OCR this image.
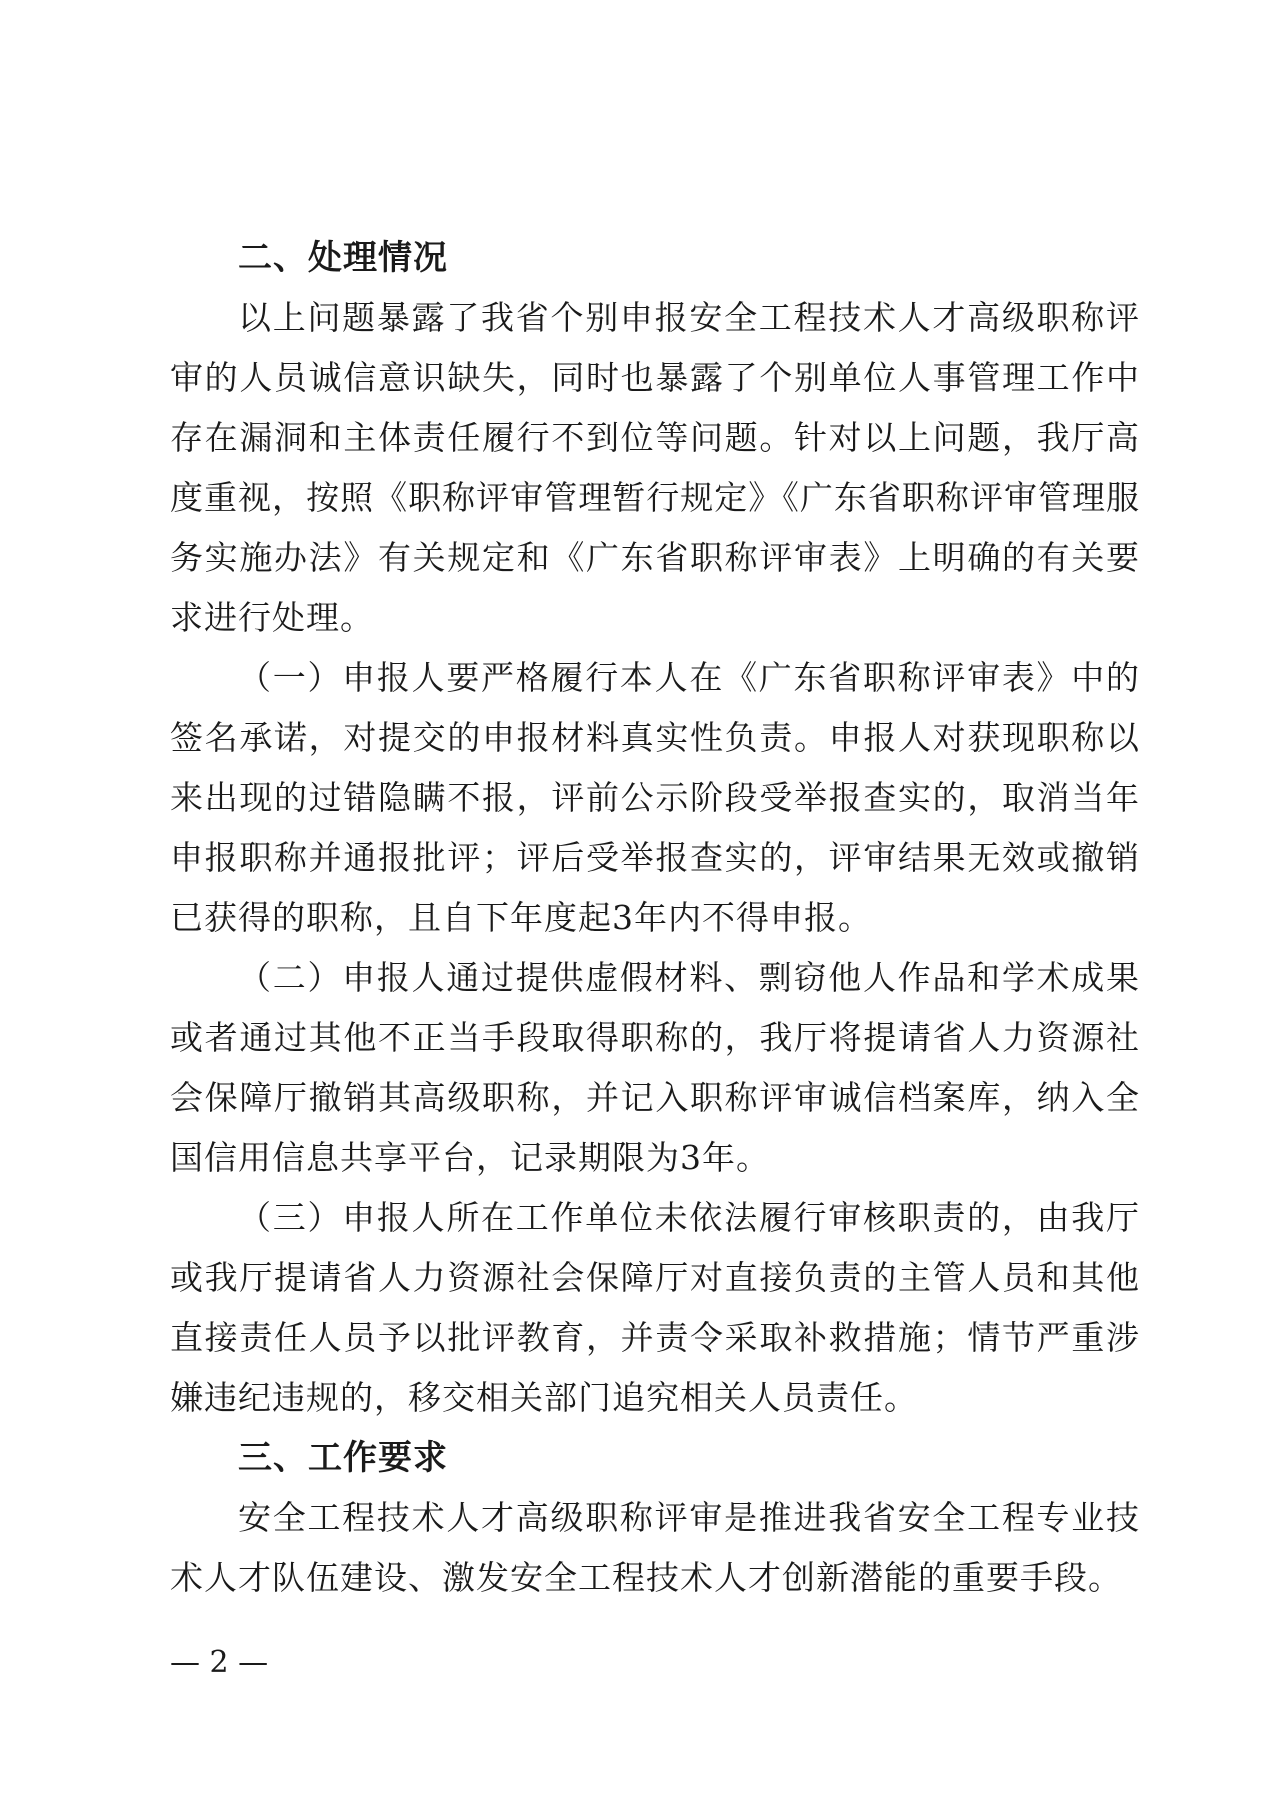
二、处理情况

以上问题暴露了我省个别申报安全工程技术人才高级职称评审的人员诚信意识缺失，同时也暴露了个别单位人事管理工作中存在漏洞和主体责任履行不到位等问题。针对以上问题，我厅高度重视，按照《职称评审管理暂行规定》《广东省职称评审管理服务实施办法》有关规定和《广东省职称评审表》上明确的有关要求进行处理。

（一）申报人要严格履行本人在《广东省职称评审表》中的签名承诺，对提交的申报材料真实性负责。申报人对获现职称以来出现的过错隐瞒不报，评前公示阶段受举报查实的，取消当年申报职称并通报批评；评后受举报查实的，评审结果无效或撤销已获得的职称，且自下年度起3年内不得申报。

（二）申报人通过提供虚假材料、剽窃他人作品和学术成果或者通过其他不正当手段取得职称的，我厅将提请省人力资源社会保障厅撤销其高级职称，并记入职称评审诚信档案库，纳入全国信用信息共享平台，记录期限为3年。

（三）申报人所在工作单位未依法履行审核职责的，由我厅或我厅提请省人力资源社会保障厅对直接负责的主管人员和其他直接责任人员予以批评教育，并责令采取补救措施；情节严重涉嫌违纪违规的，移交相关部门追究相关人员责任。

三、工作要求

安全工程技术人才高级职称评审是推进我省安全工程专业技术人才队伍建设、激发安全工程技术人才创新潜能的重要手段。

— 2 —
